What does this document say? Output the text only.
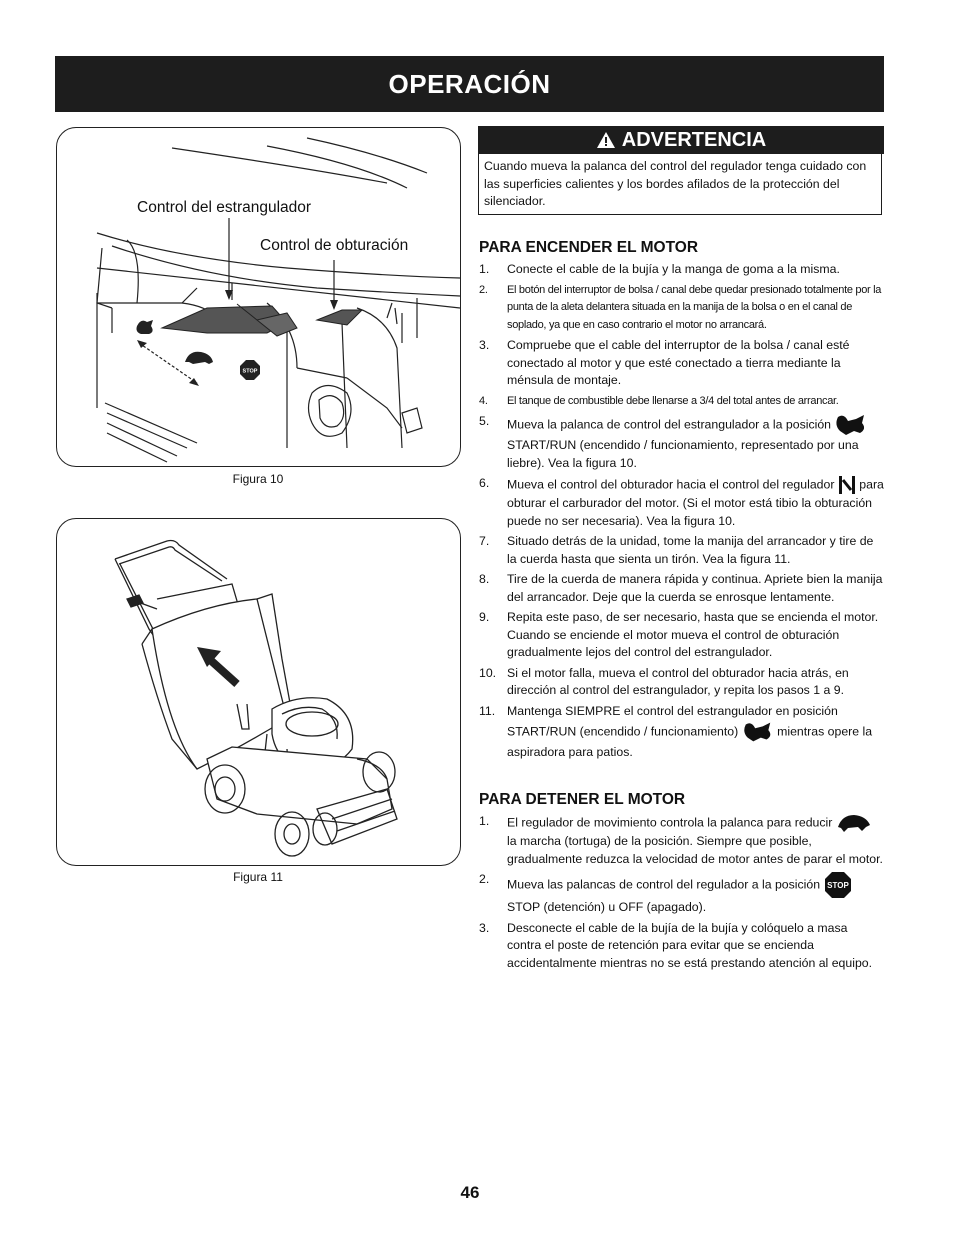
OPERACIÓN
STOP
Control del estrangulador
Control de obturación
Figura 10
Figura 11
ADVERTENCIA
Cuando mueva la palanca del control del regulador tenga cuidado con las superficies calientes y los bordes afilados de la protección del silenciador.
PARA ENCENDER EL MOTOR
1. Conecte el cable de la bujía y la manga de goma a la misma.
2. El botón del interruptor de bolsa / canal debe quedar presionado totalmente por la punta de la aleta delantera situada en la manija de la bolsa o en el canal de soplado, ya que en caso contrario el motor no arrancará.
3. Compruebe que el cable del interruptor de la bolsa / canal esté conectado al motor y que esté conectado a tierra mediante la ménsula de montaje.
4. El tanque de combustible debe llenarse a 3/4 del total antes de arrancar.
5. Mueva la palanca de control del estrangulador a la posición  START/RUN (encendido / funcionamiento, representado por una liebre). Vea la figura 10.
6. Mueva el control del obturador hacia el control del regulador para obturar el carburador del motor. (Si el motor está tibio la obturación puede no ser necesaria). Vea la figura 10.
7. Situado detrás de la unidad, tome la manija del arrancador y tire de la cuerda hasta que sienta un tirón. Vea la figura 11.
8. Tire de la cuerda de manera rápida y continua. Apriete bien la manija del arrancador. Deje que la cuerda se enrosque lentamente.
9. Repita este paso, de ser necesario, hasta que se encienda el motor. Cuando se enciende el motor mueva el control de obturación gradualmente lejos del control del estrangulador.
10. Si el motor falla, mueva el control del obturador hacia atrás, en dirección al control del estrangulador, y repita los pasos 1 a 9.
11. Mantenga SIEMPRE el control del estrangulador en posición START/RUN (encendido / funcionamiento)	mientras opere la aspiradora para patios.
PARA DETENER EL MOTOR
1. El regulador de movimiento controla la palanca para reducir  la marcha (tortuga) de la posición. Siempre que posible, gradualmente reduzca la velocidad de motor antes de parar el motor.
2. Mueva las palancas de control del regulador a la posición STOP
STOP (detención) u OFF (apagado).
3. Desconecte el cable de la bujía de la bujía y colóquelo a masa contra el poste de retención para evitar que se encienda accidentalmente mientras no se está prestando atención al equipo.
46
